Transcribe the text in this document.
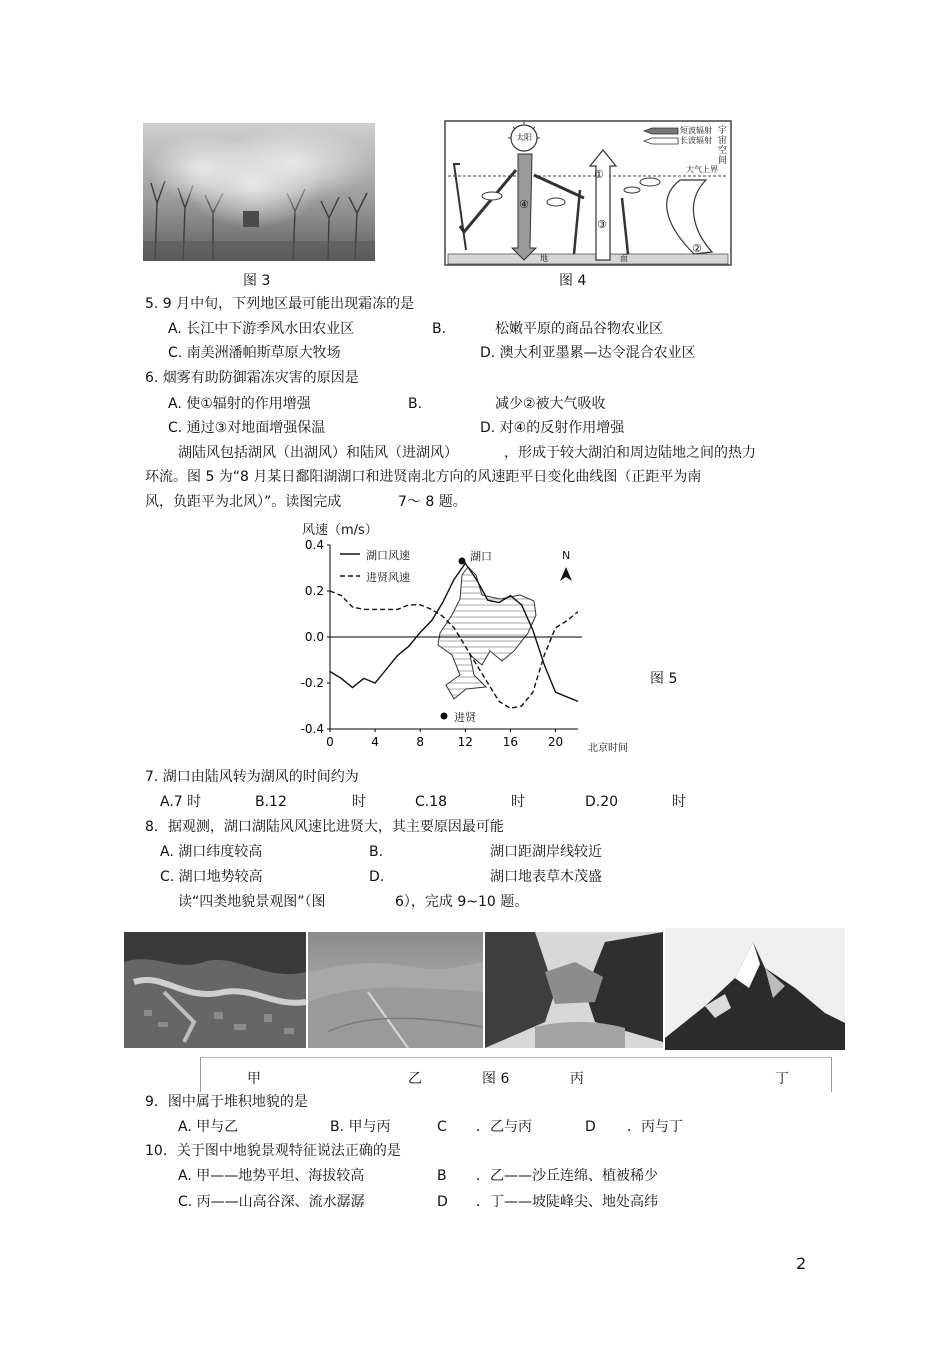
图 3
太阳
短波辐射
长波辐射
宇宙空间
大气上界
①
②
③
④
地	面
图 4
5. 9 月中旬，下列地区最可能出现霜冻的是
A. 长江中下游季风水田农业区	B.	松嫩平原的商品谷物农业区
C. 南美洲潘帕斯草原大牧场	D. 澳大利亚墨累—达令混合农业区
6. 烟雾有助防御霜冻灾害的原因是
A. 使①辐射的作用增强	B.	减少②被大气吸收
C. 通过③对地面增强保温	D. 对④的反射作用增强
湖陆风包括湖风（出湖风）和陆风（进湖风）	，形成于较大湖泊和周边陆地之间的热力
环流。图 5 为“8 月某日鄱阳湖湖口和进贤南北方向的风速距平日变化曲线图（正距平为南
风，负距平为北风）”。读图完成	7～ 8 题。
0.4
0.2
0.0
-0.2
-0.4
0	4	8	12 16 20
风速（m/s）
北京时间
湖口风速
进贤风速
湖口
进贤
N
图 5
7. 湖口由陆风转为湖风的时间约为
A.7 时	B.12	时	C.18	时	D.20	时
8．据观测，湖口湖陆风风速比进贤大，其主要原因最可能
A. 湖口纬度较高	B.	湖口距湖岸线较近
C. 湖口地势较高	D.	湖口地表草木茂盛
读“四类地貌景观图”（图	6），完成 9~10 题。
甲	乙	图 6	丙	丁
9．图中属于堆积地貌的是
A. 甲与乙	B. 甲与丙	C ．乙与丙	D ．丙与丁
10．关于图中地貌景观特征说法正确的是
A. 甲——地势平坦、海拔较高	B ．乙——沙丘连绵、植被稀少
C. 丙——山高谷深、流水潺潺	D ．丁——坡陡峰尖、地处高纬
2
